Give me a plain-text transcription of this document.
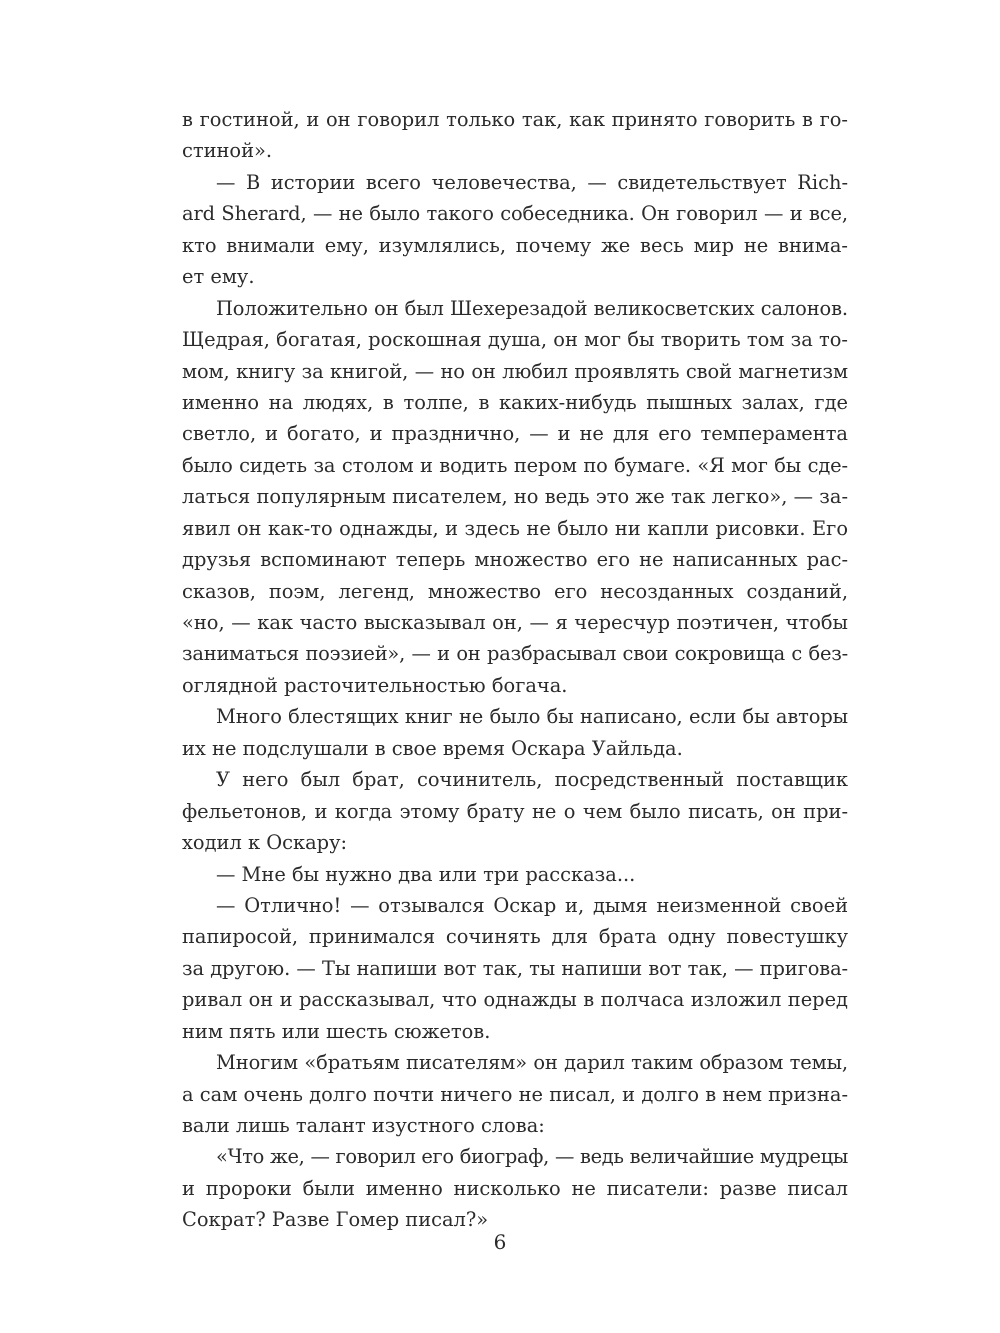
в гостиной, и он говорил только так, как принято говорить в го-
стиной».
— В истории всего человечества, — свидетельствует Rich-
ard Sherard, — не было такого собеседника. Он говорил — и все,
кто внимали ему, изумлялись, почему же весь мир не внима-
ет ему.
Положительно он был Шехерезадой великосветских салонов.
Щедрая, богатая, роскошная душа, он мог бы творить том за то-
мом, книгу за книгой, — но он любил проявлять свой магнетизм
именно на людях, в толпе, в каких-нибудь пышных залах, где
светло, и богато, и празднично, — и не для его темперамента
было сидеть за столом и водить пером по бумаге. «Я мог бы сде-
латься популярным писателем, но ведь это же так легко», — за-
явил он как-то однажды, и здесь не было ни капли рисовки. Его
друзья вспоминают теперь множество его не написанных рас-
сказов, поэм, легенд, множество его несозданных созданий,
«но, — как часто высказывал он, — я чересчур поэтичен, чтобы
заниматься поэзией», — и он разбрасывал свои сокровища с без-
оглядной расточительностью богача.
Много блестящих книг не было бы написано, если бы авторы
их не подслушали в свое время Оскара Уайльда.
У него был брат, сочинитель, посредственный поставщик
фельетонов, и когда этому брату не о чем было писать, он при-
ходил к Оскару:
— Мне бы нужно два или три рассказа...
— Отлично! — отзывался Оскар и, дымя неизменной своей
папиросой, принимался сочинять для брата одну повестушку
за другою. — Ты напиши вот так, ты напиши вот так, — пригова-
ривал он и рассказывал, что однажды в полчаса изложил перед
ним пять или шесть сюжетов.
Многим «братьям писателям» он дарил таким образом темы,
а сам очень долго почти ничего не писал, и долго в нем призна-
вали лишь талант изустного слова:
«Что же, — говорил его биограф, — ведь величайшие мудрецы
и пророки были именно нисколько не писатели: разве писал
Сократ? Разве Гомер писал?»
6
